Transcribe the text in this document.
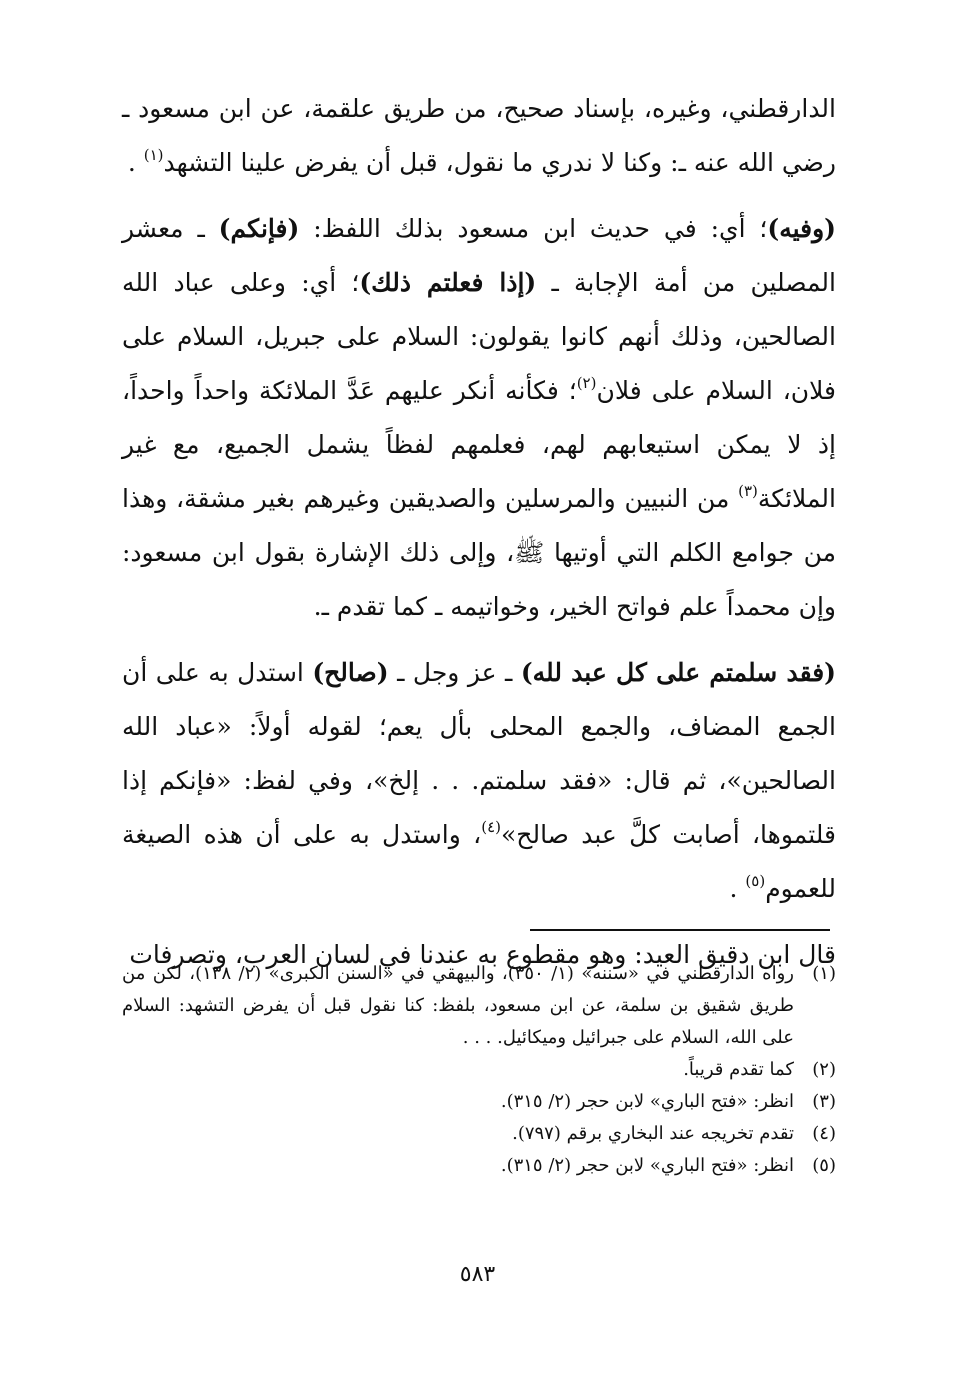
الدارقطني، وغيره، بإسناد صحيح، من طريق علقمة، عن ابن مسعود ـ رضي الله عنه ـ: وكنا لا ندري ما نقول، قبل أن يفرض علينا التشهد$^{(١)}$ .

(وفيه)؛ أي: في حديث ابن مسعود بذلك اللفظ: (فإنكم) ـ معشر المصلين من أمة الإجابة ـ (إذا فعلتم ذلك)؛ أي: وعلى عباد الله الصالحين، وذلك أنهم كانوا يقولون: السلام على جبريل، السلام على فلان، السلام على فلان$^{(٢)}$؛ فكأنه أنكر عليهم عَدَّ الملائكة واحداً واحداً، إذ لا يمكن استيعابهم لهم، فعلمهم لفظاً يشمل الجميع، مع غير الملائكة$^{(٣)}$ من النبيين والمرسلين والصديقين وغيرهم بغير مشقة، وهذا من جوامع الكلم التي أوتيها ﷺ، وإلى ذلك الإشارة بقول ابن مسعود: وإن محمداً علم فواتح الخير، وخواتيمه ـ كما تقدم ـ.

(فقد سلمتم على كل عبد لله) ـ عز وجل ـ (صالح) استدل به على أن الجمع المضاف، والجمع المحلى بأل يعم؛ لقوله أولاً: «عباد الله الصالحين»، ثم قال: «فقد سلمتم. . . إلخ»، وفي لفظ: «فإنكم إذا قلتموها، أصابت كلَّ عبد صالح»$^{(٤)}$، واستدل به على أن هذه الصيغة للعموم$^{(٥)}$ .

قال ابن دقيق العيد: وهو مقطوع به عندنا في لسان العرب، وتصرفات

(١)
رواه الدارقطني في «سننه» (١/ ٣٥٠)، والبيهقي في «السنن الكبرى» (٢/ ١٣٨)، لكن من طريق شقيق بن سلمة، عن ابن مسعود، بلفظ: كنا نقول قبل أن يفرض التشهد: السلام على الله، السلام على جبرائيل وميكائيل. . . .
(٢)
كما تقدم قريباً.
(٣)
انظر: «فتح الباري» لابن حجر (٢/ ٣١٥).
(٤)
تقدم تخريجه عند البخاري برقم (٧٩٧).
(٥)
انظر: «فتح الباري» لابن حجر (٢/ ٣١٥).
٥٨٣
